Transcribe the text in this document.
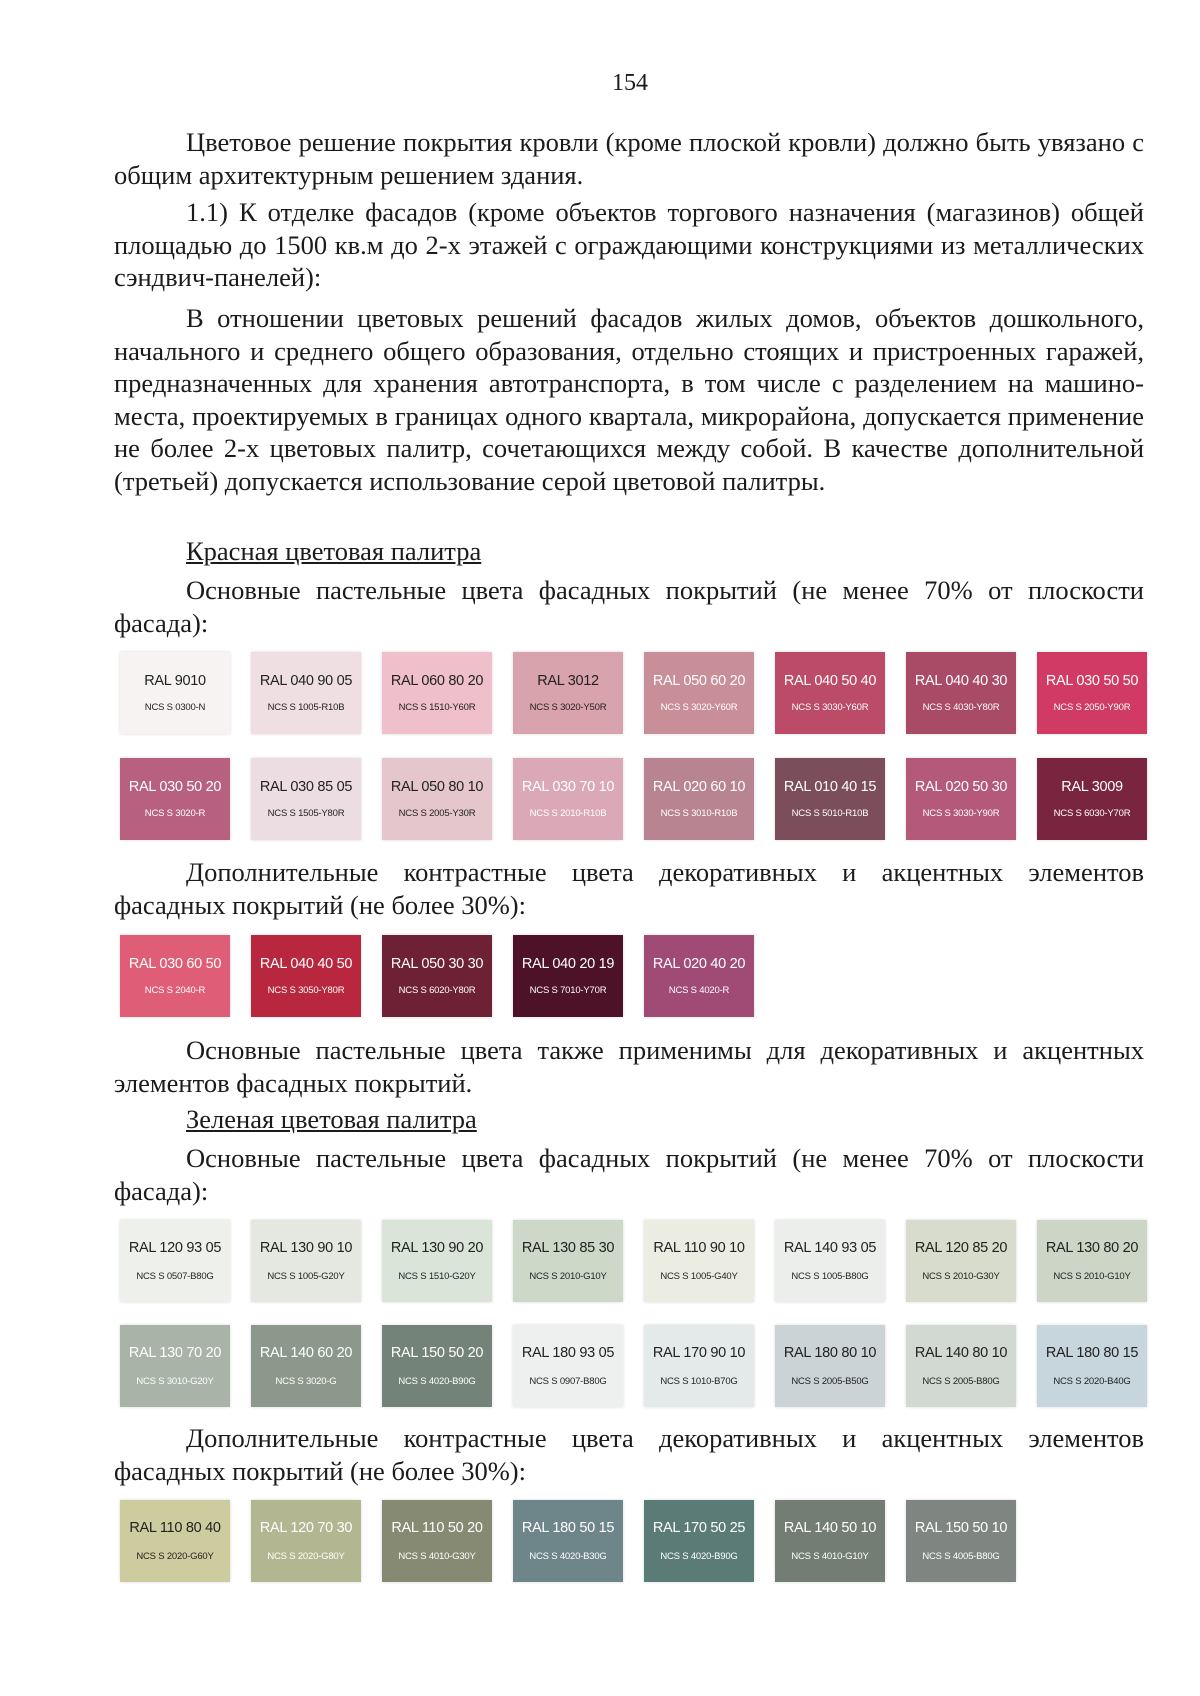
154

Цветовое решение покрытия кровли (кроме плоской кровли) должно быть увязано с общим архитектурным решением здания.

1.1) К отделке фасадов (кроме объектов торгового назначения (магазинов) общей площадью до 1500 кв.м до 2-х этажей с ограждающими конструкциями из металлических сэндвич-панелей):

В отношении цветовых решений фасадов жилых домов, объектов дошкольного, начального и среднего общего образования, отдельно стоящих и пристроенных гаражей, предназначенных для хранения автотранспорта, в том числе с разделением на машино-места, проектируемых в границах одного квартала, микрорайона, допускается применение не более 2-х цветовых палитр, сочетающихся между собой. В качестве дополнительной (третьей) допускается использование серой цветовой палитры.

Красная цветовая палитра

Основные пастельные цвета фасадных покрытий (не менее 70% от плоскости фасада):

RAL 9010
NCS S 0300-N
RAL 040 90 05
NCS S 1005-R10B
RAL 060 80 20
NCS S 1510-Y60R
RAL 3012
NCS S 3020-Y50R
RAL 050 60 20
NCS S 3020-Y60R
RAL 040 50 40
NCS S 3030-Y60R
RAL 040 40 30
NCS S 4030-Y80R
RAL 030 50 50
NCS S 2050-Y90R
RAL 030 50 20
NCS S 3020-R
RAL 030 85 05
NCS S 1505-Y80R
RAL 050 80 10
NCS S 2005-Y30R
RAL 030 70 10
NCS S 2010-R10B
RAL 020 60 10
NCS S 3010-R10B
RAL 010 40 15
NCS S 5010-R10B
RAL 020 50 30
NCS S 3030-Y90R
RAL 3009
NCS S 6030-Y70R

Дополнительные контрастные цвета декоративных и акцентных элементов фасадных покрытий (не более 30%):

RAL 030 60 50
NCS S 2040-R
RAL 040 40 50
NCS S 3050-Y80R
RAL 050 30 30
NCS S 6020-Y80R
RAL 040 20 19
NCS S 7010-Y70R
RAL 020 40 20
NCS S 4020-R

Основные пастельные цвета также применимы для декоративных и акцентных элементов фасадных покрытий.

Зеленая цветовая палитра

Основные пастельные цвета фасадных покрытий (не менее 70% от плоскости фасада):

RAL 120 93 05
NCS S 0507-B80G
RAL 130 90 10
NCS S 1005-G20Y
RAL 130 90 20
NCS S 1510-G20Y
RAL 130 85 30
NCS S 2010-G10Y
RAL 110 90 10
NCS S 1005-G40Y
RAL 140 93 05
NCS S 1005-B80G
RAL 120 85 20
NCS S 2010-G30Y
RAL 130 80 20
NCS S 2010-G10Y
RAL 130 70 20
NCS S 3010-G20Y
RAL 140 60 20
NCS S 3020-G
RAL 150 50 20
NCS S 4020-B90G
RAL 180 93 05
NCS S 0907-B80G
RAL 170 90 10
NCS S 1010-B70G
RAL 180 80 10
NCS S 2005-B50G
RAL 140 80 10
NCS S 2005-B80G
RAL 180 80 15
NCS S 2020-B40G

Дополнительные контрастные цвета декоративных и акцентных элементов фасадных покрытий (не более 30%):

RAL 110 80 40
NCS S 2020-G60Y
RAL 120 70 30
NCS S 2020-G80Y
RAL 110 50 20
NCS S 4010-G30Y
RAL 180 50 15
NCS S 4020-B30G
RAL 170 50 25
NCS S 4020-B90G
RAL 140 50 10
NCS S 4010-G10Y
RAL 150 50 10
NCS S 4005-B80G
